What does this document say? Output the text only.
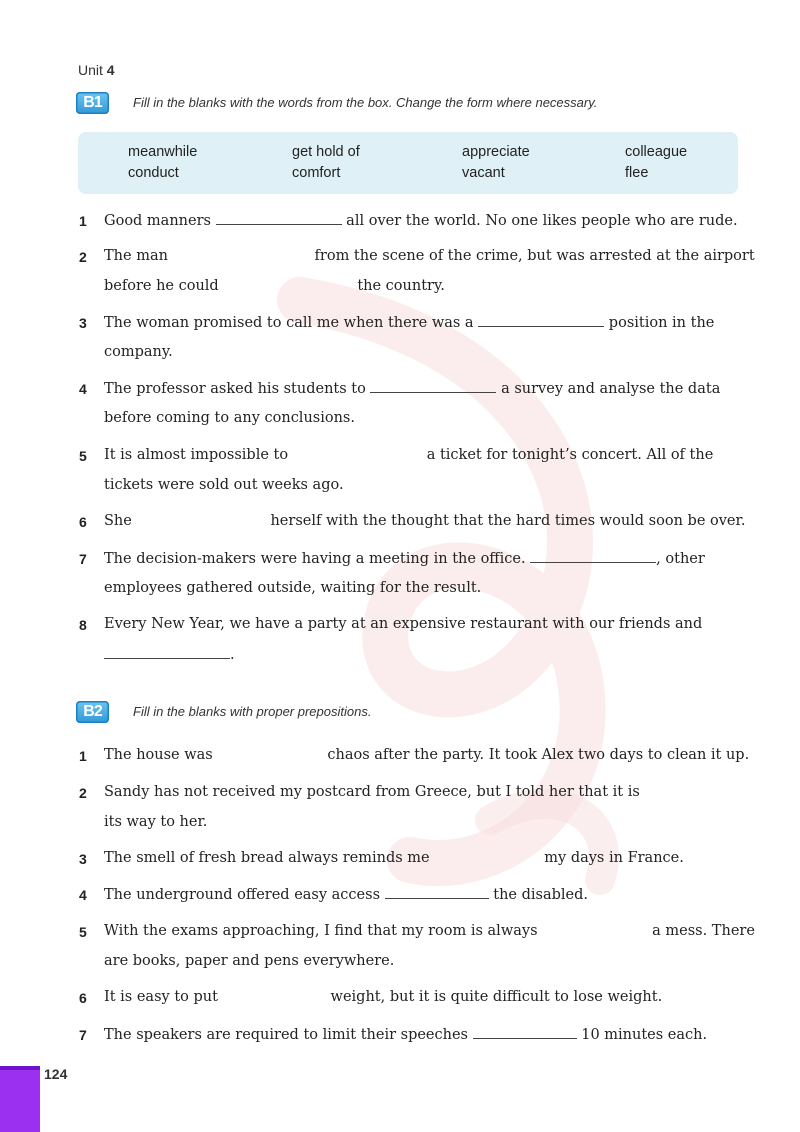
Unit 4
B1	Fill in the blanks with the words from the box. Change the form where necessary.
meanwhile	get hold of	appreciate	colleague
conduct	comfort	vacant	flee
1 Good manners	all over the world. No one likes people who are rude.
2 The man	from the scene of the crime, but was arrested at the airport
before he could	the country.
3 The woman promised to call me when there was a	position in the
company.
4 The professor asked his students to	a survey and analyse the data
before coming to any conclusions.
5 It is almost impossible to	a ticket for tonight’s concert. All of the
tickets were sold out weeks ago.
6 She	herself with the thought that the hard times would soon be over.
7 The decision-makers were having a meeting in the office.	, other
employees gathered outside, waiting for the result.
8 Every New Year, we have a party at an expensive restaurant with our friends and
.
B2	Fill in the blanks with proper prepositions.
1 The house was	chaos after the party. It took Alex two days to clean it up.
2 Sandy has not received my postcard from Greece, but I told her that it is
its way to her.
3 The smell of fresh bread always reminds me	my days in France.
4 The underground offered easy access	the disabled.
5 With the exams approaching, I find that my room is always	a mess. There
are books, paper and pens everywhere.
6 It is easy to put	weight, but it is quite difficult to lose weight.
7 The speakers are required to limit their speeches	10 minutes each.
124
